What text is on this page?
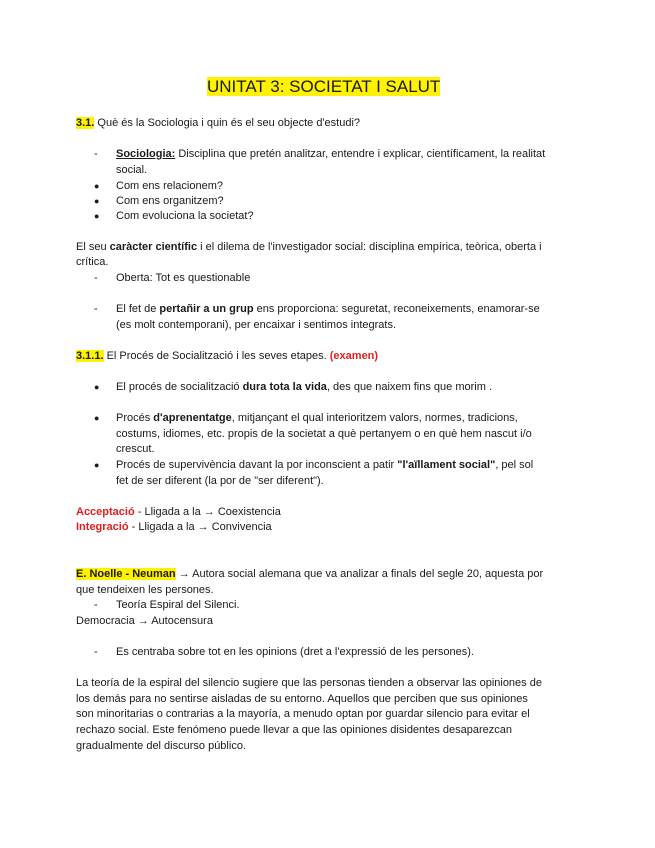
UNITAT 3: SOCIETAT I SALUT
3.1. Què és la Sociologia i quin és el seu objecte d'estudi?
- Sociologia: Disciplina que pretén analitzar, entendre i explicar, científicament, la realitat
social.
● Com ens relacionem?
● Com ens organitzem?
● Com evoluciona la societat?
El seu caràcter científic i el dilema de l'investigador social: disciplina empírica, teòrica, oberta i
crítica.
- Oberta: Tot es questionable
- El fet de pertañir a un grup ens proporciona: seguretat, reconeixements, enamorar-se
(es molt contemporani), per encaixar i sentimos integrats.
3.1.1. El Procés de Socialització i les seves etapes. (examen)
● El procés de socialització dura tota la vida, des que naixem fins que morim .
● Procés d'aprenentatge, mitjançant el qual interioritzem valors, normes, tradicions,
costums, idiomes, etc. propis de la societat a què pertanyem o en què hem nascut i/o
crescut.
● Procés de supervivència davant la por inconscient a patir "l'aïllament social", pel sol
fet de ser diferent (la por de "ser diferent").
Acceptació - Lligada a la → Coexistencia
Integració - Lligada a la → Convivencia
E. Noelle - Neuman → Autora social alemana que va analizar a finals del segle 20, aquesta por
que tendeixen les persones.
- Teoría Espiral del Silenci.
Democracia → Autocensura
- Es centraba sobre tot en les opinions (dret a l'expressió de les persones).
La teoría de la espiral del silencio sugiere que las personas tienden a observar las opiniones de
los demás para no sentirse aisladas de su entorno. Aquellos que perciben que sus opiniones
son minoritarias o contrarias a la mayoría, a menudo optan por guardar silencio para evitar el
rechazo social. Este fenómeno puede llevar a que las opiniones disidentes desaparezcan
gradualmente del discurso público.
